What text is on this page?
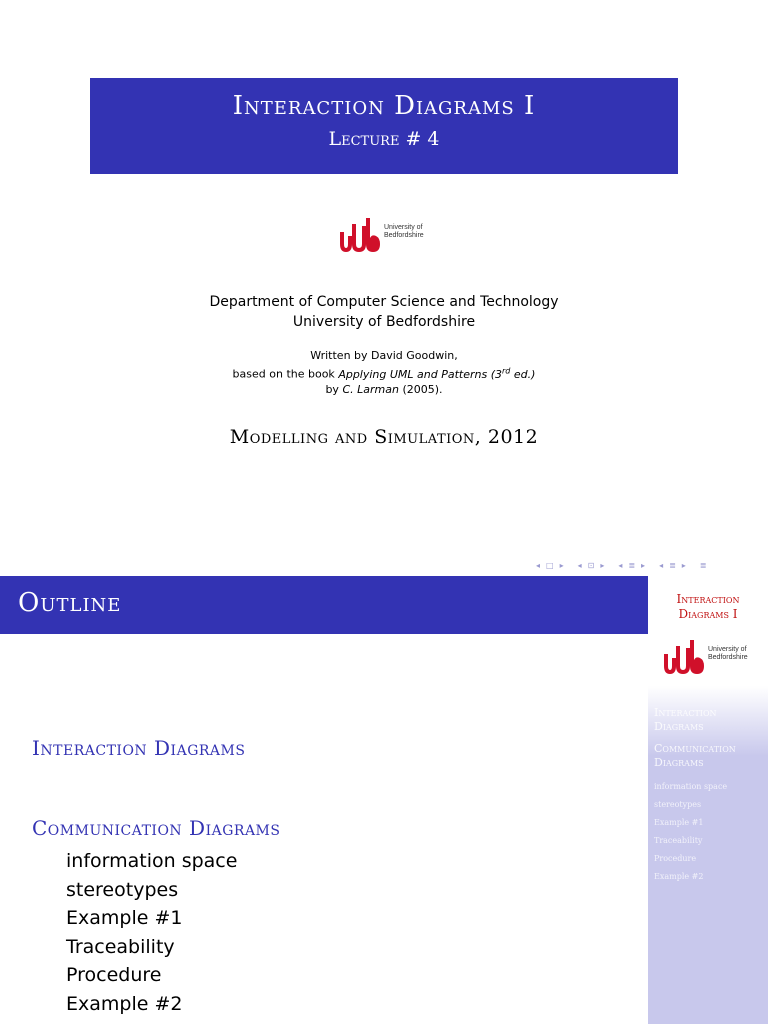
Interaction Diagrams I
Lecture # 4
University of
Bedfordshire
Department of Computer Science and Technology
University of Bedfordshire
Written by David Goodwin,
based on the book Applying UML and Patterns (3rd ed.)
by C. Larman (2005).
Modelling and Simulation, 2012
◂ □ ▸ ◂ ⊡ ▸ ◂ ≣ ▸ ◂ ≣ ▸ ≣
Outline	Interaction
Diagrams I
University of
Bedfordshire
Interaction
Diagrams
Communication
Diagrams
information space
stereotypes
Example #1
Traceability
Procedure
Example #2
Interaction Diagrams
Communication Diagrams
information space
stereotypes
Example #1
Traceability
Procedure
Example #2
